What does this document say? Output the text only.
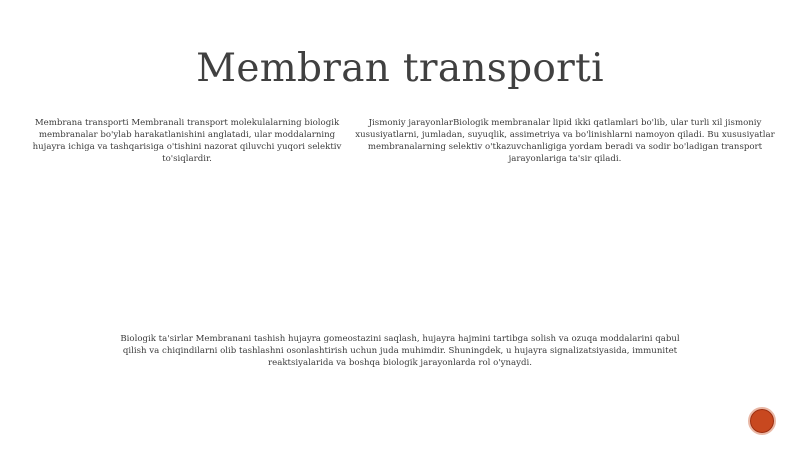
Membran transporti
Membrana transporti Membranali transport molekulalarning biologik membranalar bo'ylab harakatlanishini anglatadi, ular moddalarning hujayra ichiga va tashqarisiga o'tishini nazorat qiluvchi yuqori selektiv to'siqlardir.
Jismoniy jarayonlarBiologik membranalar lipid ikki qatlamlari bo'lib, ular turli xil jismoniy xususiyatlarni, jumladan, suyuqlik, assimetriya va bo'linishlarni namoyon qiladi. Bu xususiyatlar membranalarning selektiv o'tkazuvchanligiga yordam beradi va sodir bo'ladigan transport jarayonlariga ta'sir qiladi.
Biologik ta'sirlar Membranani tashish hujayra gomeostazini saqlash, hujayra hajmini tartibga solish va ozuqa moddalarini qabul qilish va chiqindilarni olib tashlashni osonlashtirish uchun juda muhimdir. Shuningdek, u hujayra signalizatsiyasida, immunitet reaktsiyalarida va boshqa biologik jarayonlarda rol o'ynaydi.
